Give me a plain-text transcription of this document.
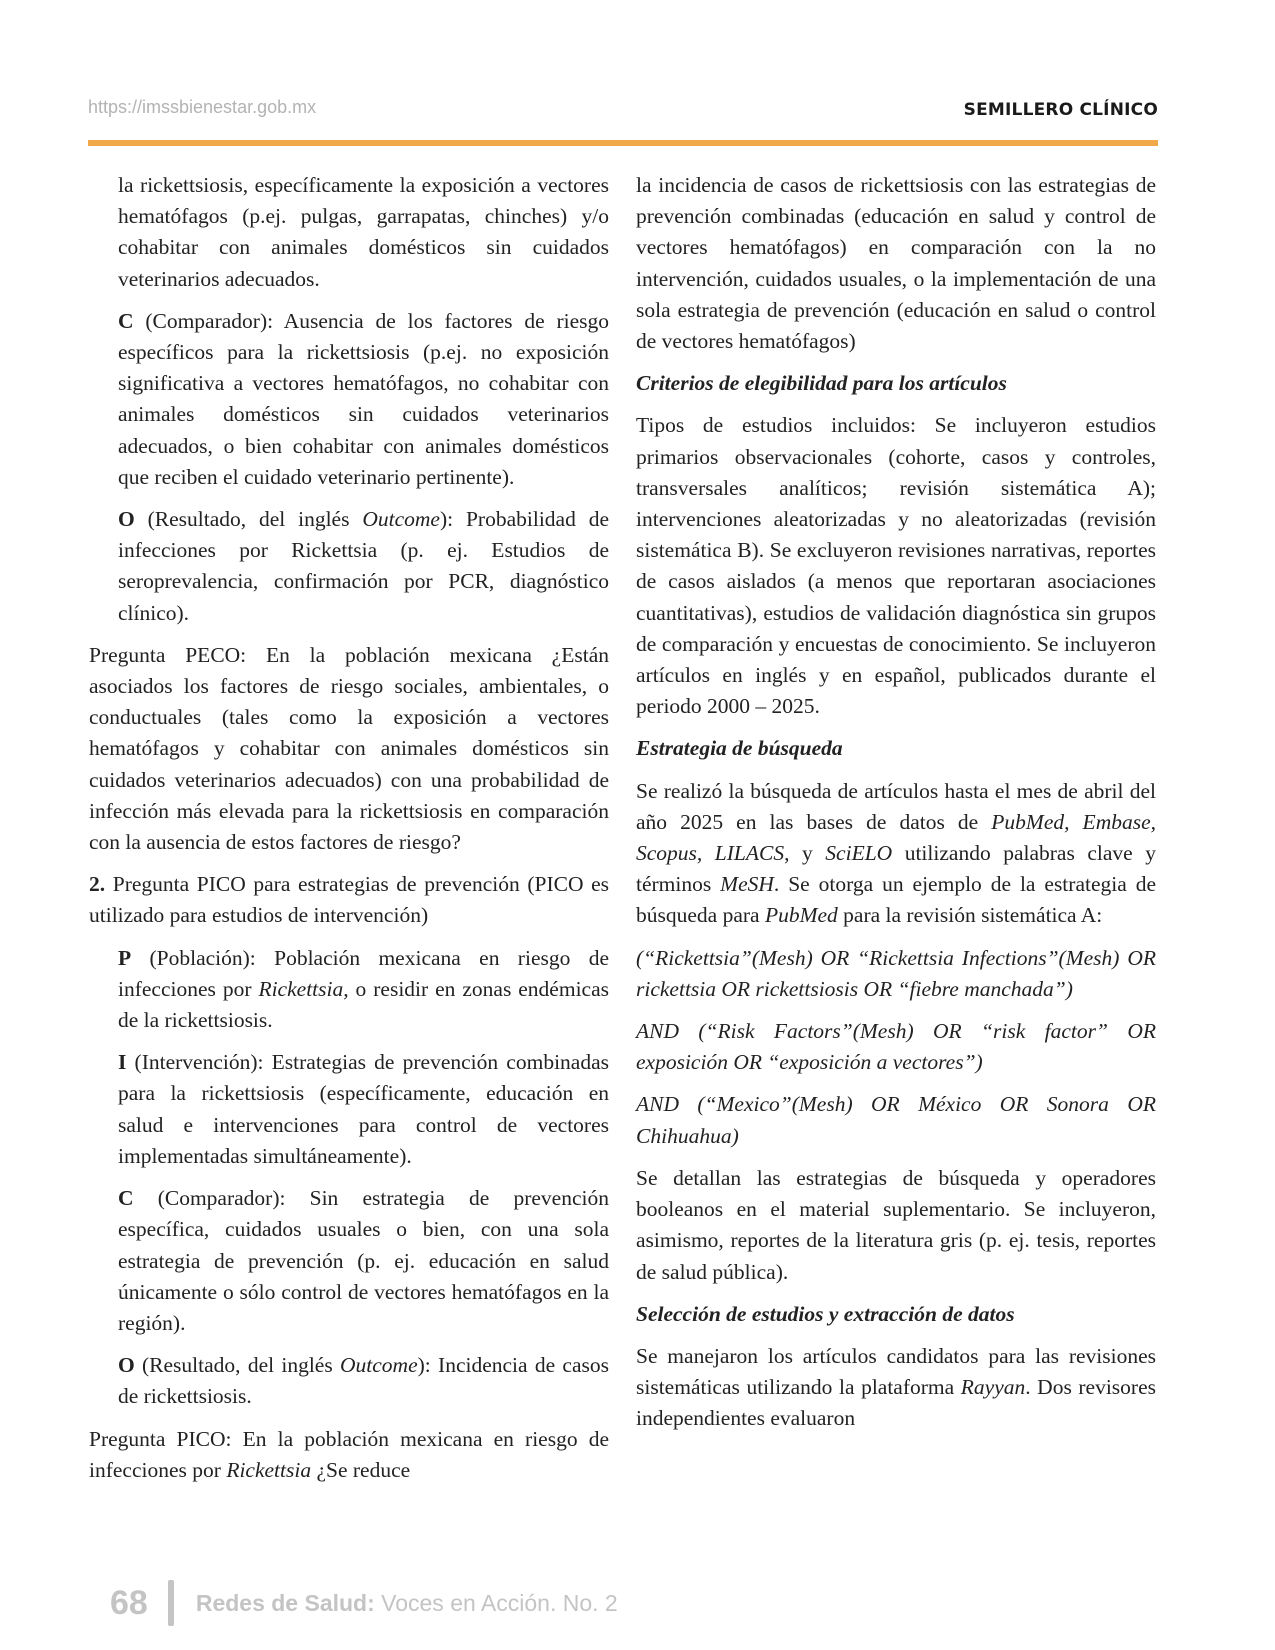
https://imssbienestar.gob.mx	SEMILLERO CLÍNICO

la rickettsiosis, específicamente la exposición a vectores hematófagos (p.ej. pulgas, garrapatas, chinches) y/o cohabitar con animales domésticos sin cuidados veterinarios adecuados.

C (Comparador): Ausencia de los factores de riesgo específicos para la rickettsiosis (p.ej. no exposición significativa a vectores hematófagos, no cohabitar con animales domésticos sin cuidados veterinarios adecuados, o bien cohabitar con animales domésticos que reciben el cuidado veterinario pertinente).

O (Resultado, del inglés Outcome): Probabilidad de infecciones por Rickettsia (p. ej. Estudios de seroprevalencia, confirmación por PCR, diagnóstico clínico).

Pregunta PECO: En la población mexicana ¿Están asociados los factores de riesgo sociales, ambientales, o conductuales (tales como la exposición a vectores hematófagos y cohabitar con animales domésticos sin cuidados veterinarios adecuados) con una probabilidad de infección más elevada para la rickettsiosis en comparación con la ausencia de estos factores de riesgo?

2. Pregunta PICO para estrategias de prevención (PICO es utilizado para estudios de intervención)

P (Población): Población mexicana en riesgo de infecciones por Rickettsia, o residir en zonas endémicas de la rickettsiosis.

I (Intervención): Estrategias de prevención combinadas para la rickettsiosis (específicamente, educación en salud e intervenciones para control de vectores implementadas simultáneamente).

C (Comparador): Sin estrategia de prevención específica, cuidados usuales o bien, con una sola estrategia de prevención (p. ej. educación en salud únicamente o sólo control de vectores hematófagos en la región).

O (Resultado, del inglés Outcome): Incidencia de casos de rickettsiosis.

Pregunta PICO: En la población mexicana en riesgo de infecciones por Rickettsia ¿Se reduce

la incidencia de casos de rickettsiosis con las estrategias de prevención combinadas (educación en salud y control de vectores hematófagos) en comparación con la no intervención, cuidados usuales, o la implementación de una sola estrategia de prevención (educación en salud o control de vectores hematófagos)

Criterios de elegibilidad para los artículos

Tipos de estudios incluidos: Se incluyeron estudios primarios observacionales (cohorte, casos y controles, transversales analíticos; revisión sistemática A); intervenciones aleatorizadas y no aleatorizadas (revisión sistemática B). Se excluyeron revisiones narrativas, reportes de casos aislados (a menos que reportaran asociaciones cuantitativas), estudios de validación diagnóstica sin grupos de comparación y encuestas de conocimiento. Se incluyeron artículos en inglés y en español, publicados durante el periodo 2000 – 2025.

Estrategia de búsqueda

Se realizó la búsqueda de artículos hasta el mes de abril del año 2025 en las bases de datos de PubMed, Embase, Scopus, LILACS, y SciELO utilizando palabras clave y términos MeSH. Se otorga un ejemplo de la estrategia de búsqueda para PubMed para la revisión sistemática A:

(“Rickettsia”(Mesh) OR “Rickettsia Infections”(Mesh) OR rickettsia OR rickettsiosis OR “fiebre manchada”)

AND (“Risk Factors”(Mesh) OR “risk factor” OR exposición OR “exposición a vectores”)

AND (“Mexico”(Mesh) OR México OR Sonora OR Chihuahua)

Se detallan las estrategias de búsqueda y operadores booleanos en el material suplementario. Se incluyeron, asimismo, reportes de la literatura gris (p. ej. tesis, reportes de salud pública).

Selección de estudios y extracción de datos

Se manejaron los artículos candidatos para las revisiones sistemáticas utilizando la plataforma Rayyan. Dos revisores independientes evaluaron

68 Redes de Salud: Voces en Acción. No. 2
